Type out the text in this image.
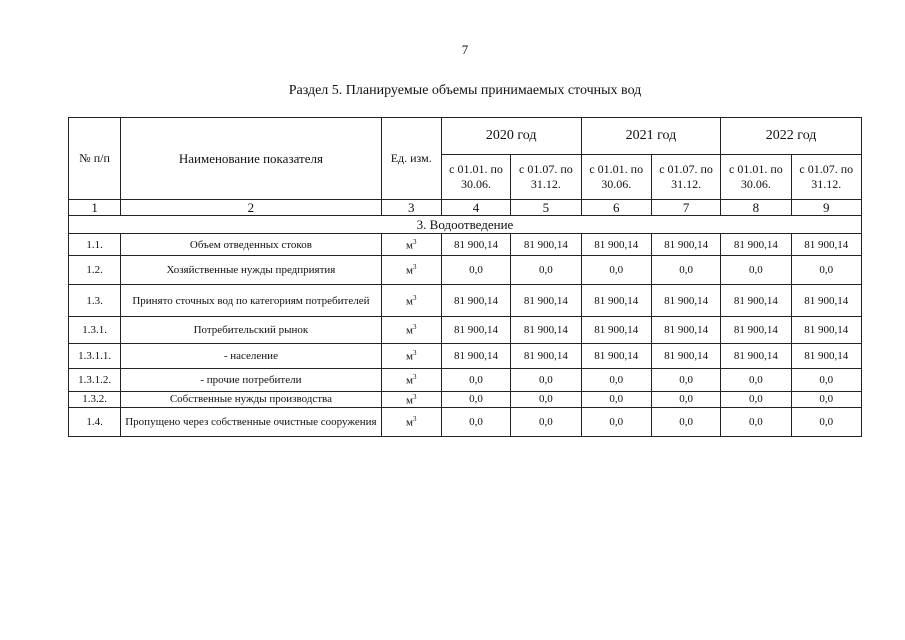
7
Раздел 5. Планируемые объемы принимаемых сточных вод
№ п/п	Наименование показателя	Ед. изм.	2020 год		2021 год		2022 год	
			с 01.01. по 30.06.	с 01.07. по 31.12.	с 01.01. по 30.06.	с 01.07. по 31.12.	с 01.01. по 30.06.	с 01.07. по 31.12.
1	2	3	4	5	6	7	8	9
3. Водоотведение								
1.1.	Объем отведенных стоков	$м^3$	81 900,14	81 900,14	81 900,14	81 900,14	81 900,14	81 900,14
1.2.	Хозяйственные нужды предприятия	$м^3$	0,0	0,0	0,0	0,0	0,0	0,0
1.3.	Принято сточных вод по категориям потребителей	$м^3$	81 900,14	81 900,14	81 900,14	81 900,14	81 900,14	81 900,14
1.3.1.	Потребительский рынок	$м^3$	81 900,14	81 900,14	81 900,14	81 900,14	81 900,14	81 900,14
1.3.1.1.	- население	$м^3$	81 900,14	81 900,14	81 900,14	81 900,14	81 900,14	81 900,14
1.3.1.2.	- прочие потребители	$м^3$	0,0	0,0	0,0	0,0	0,0	0,0
1.3.2.	Собственные нужды производства	$м^3$	0,0	0,0	0,0	0,0	0,0	0,0
1.4.	Пропущено через собственные очистные сооружения	$м^3$	0,0	0,0	0,0	0,0	0,0	0,0
